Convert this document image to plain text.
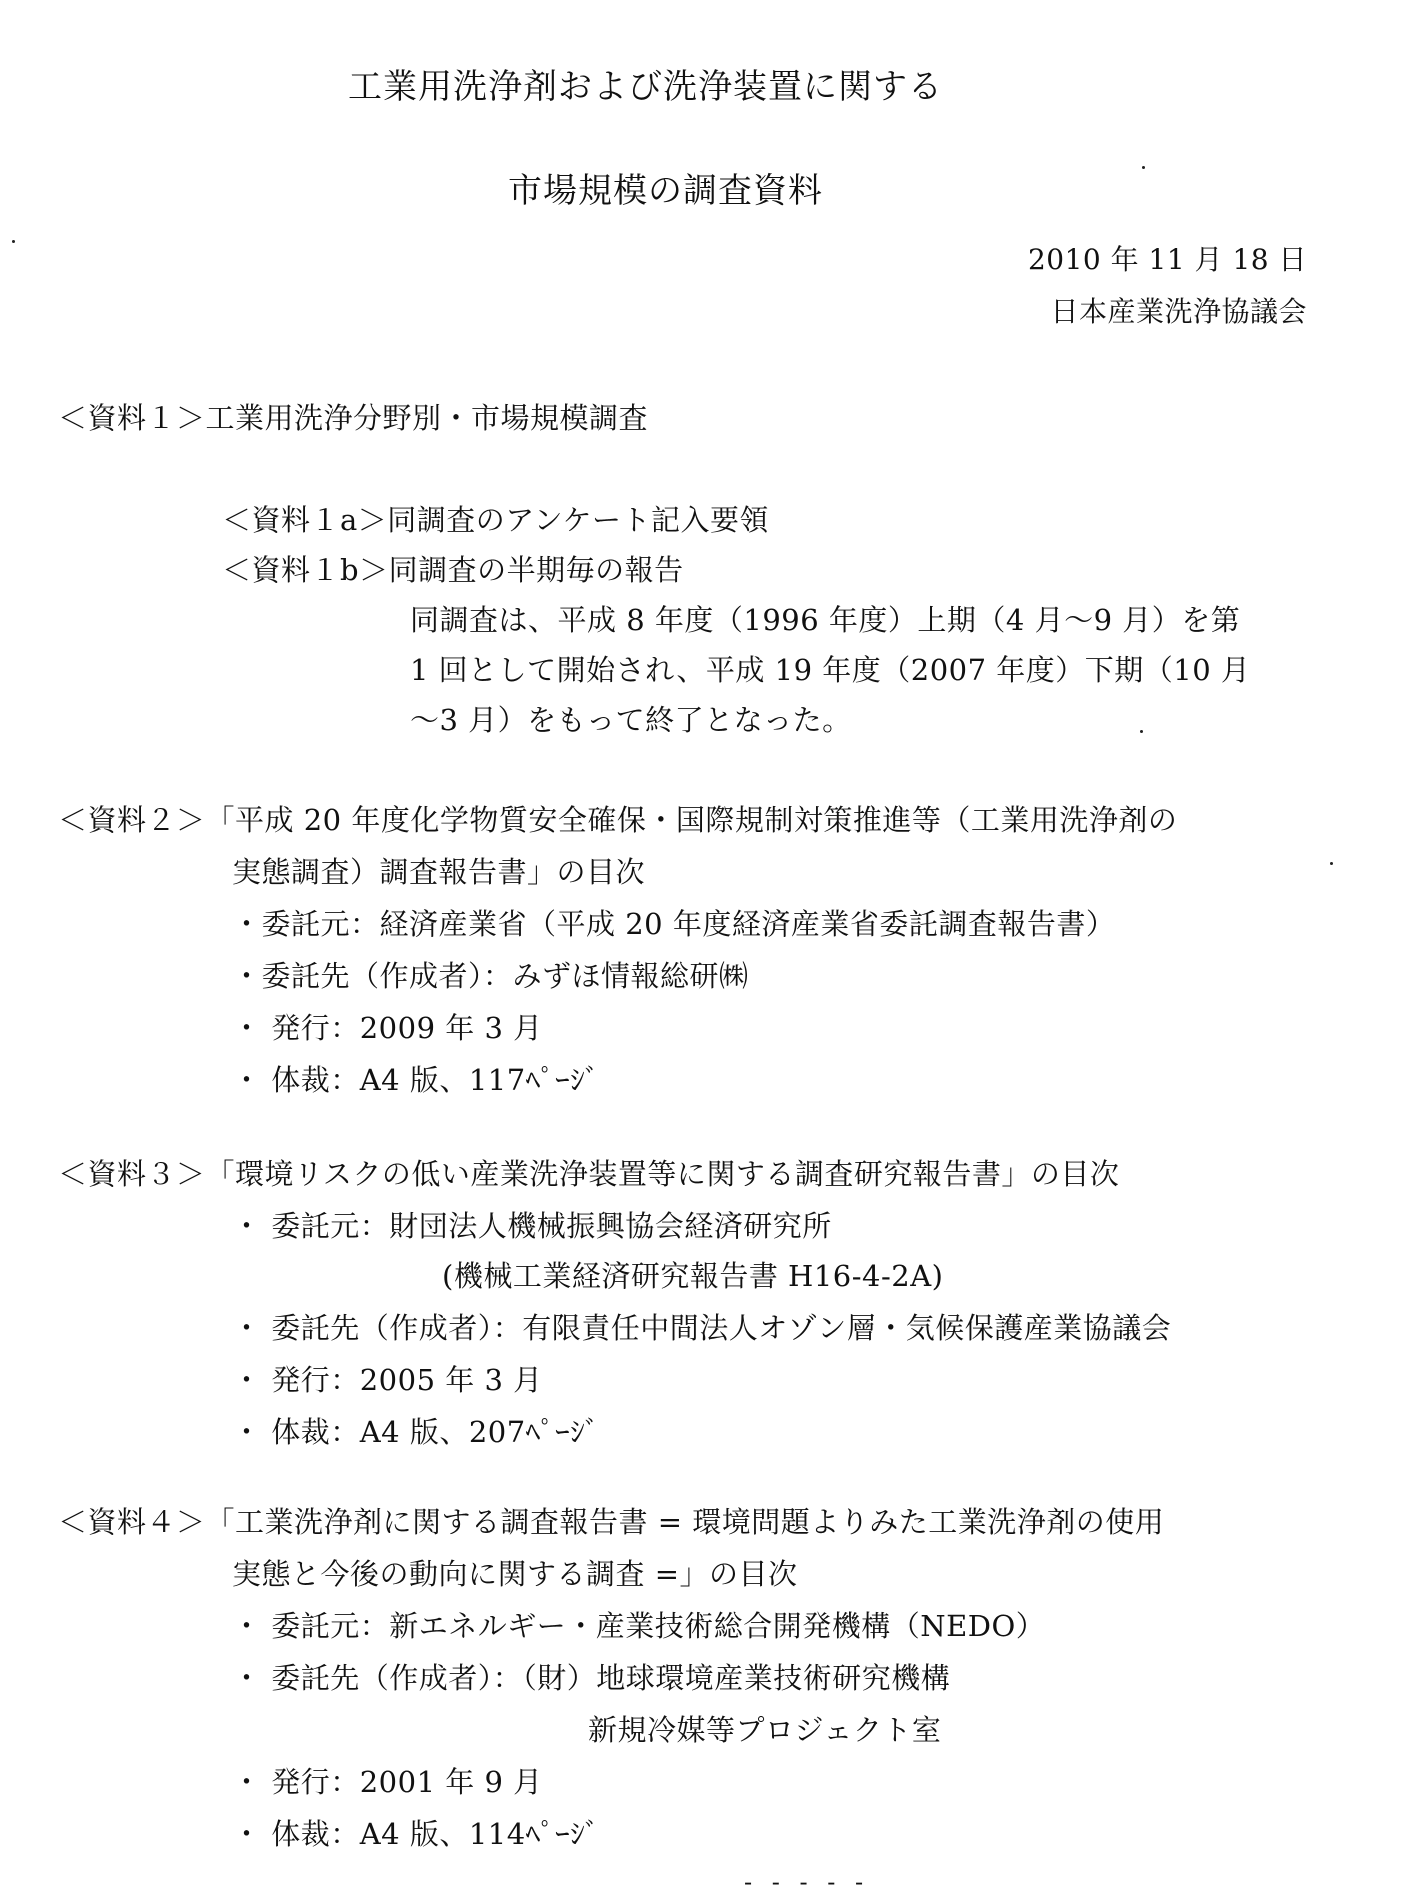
工業用洗浄剤および洗浄装置に関する
市場規模の調査資料
2010 年 11 月 18 日
日本産業洗浄協議会
＜資料１＞工業用洗浄分野別・市場規模調査
＜資料１a＞同調査のアンケート記入要領
＜資料１b＞同調査の半期毎の報告
同調査は、平成 8 年度（1996 年度）上期（4 月～9 月）を第
1 回として開始され、平成 19 年度（2007 年度）下期（10 月
～3 月）をもって終了となった。
＜資料２＞「平成 20 年度化学物質安全確保・国際規制対策推進等（工業用洗浄剤の
実態調査）調査報告書」の目次
・委託元：経済産業省（平成 20 年度経済産業省委託調査報告書）
・委託先（作成者）：みずほ情報総研㈱
・ 発行：2009 年 3 月
・ 体裁：A4 版、117ﾍﾟｰｼﾞ
＜資料３＞「環境リスクの低い産業洗浄装置等に関する調査研究報告書」の目次
・ 委託元：財団法人機械振興協会経済研究所
(機械工業経済研究報告書 H16-4-2A)
・ 委託先（作成者）：有限責任中間法人オゾン層・気候保護産業協議会
・ 発行：2005 年 3 月
・ 体裁：A4 版、207ﾍﾟｰｼﾞ
＜資料４＞「工業洗浄剤に関する調査報告書 = 環境問題よりみた工業洗浄剤の使用
実態と今後の動向に関する調査 =」の目次
・ 委託元：新エネルギー・産業技術総合開発機構（NEDO）
・ 委託先（作成者）：（財）地球環境産業技術研究機構
新規冷媒等プロジェクト室
・ 発行：2001 年 9 月
・ 体裁：A4 版、114ﾍﾟｰｼﾞ
- - - - -
